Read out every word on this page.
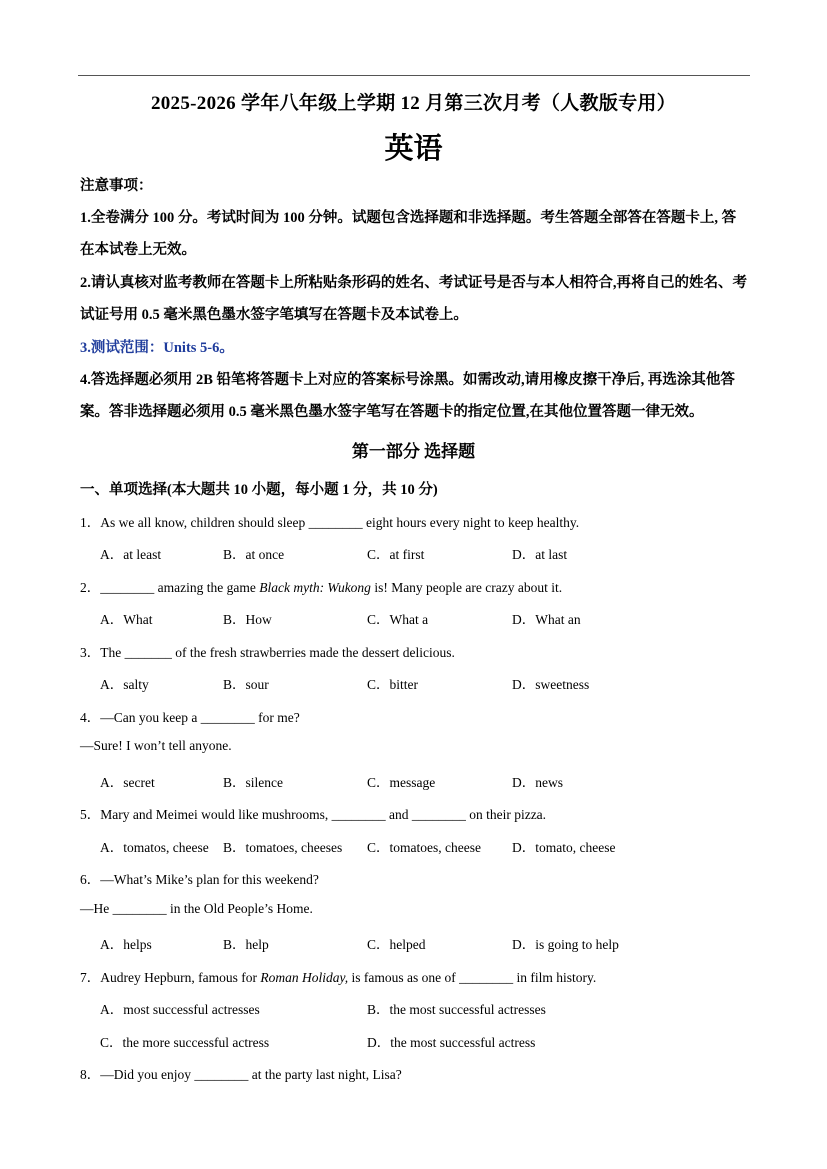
2025-2026 学年八年级上学期 12 月第三次月考（人教版专用）
英语
注意事项：
1.全卷满分 100 分。考试时间为 100 分钟。试题包含选择题和非选择题。考生答题全部答在答题卡上, 答
在本试卷上无效。
2.请认真核对监考教师在答题卡上所粘贴条形码的姓名、考试证号是否与本人相符合,再将自己的姓名、考
试证号用 0.5 毫米黑色墨水签字笔填写在答题卡及本试卷上。
3.测试范围：Units 5-6。
4.答选择题必须用 2B 铅笔将答题卡上对应的答案标号涂黑。如需改动,请用橡皮擦干净后, 再选涂其他答
案。答非选择题必须用 0.5 毫米黑色墨水签字笔写在答题卡的指定位置,在其他位置答题一律无效。
第一部分 选择题
一、单项选择(本大题共 10 小题，每小题 1 分，共 10 分)
1．As we all know, children should sleep ________ eight hours every night to keep healthy.
A．at least	B．at once	C．at first	D．at last
2．________ amazing the game Black myth: Wukong is! Many people are crazy about it.
A．What	B．How	C．What a	D．What an
3．The _______ of the fresh strawberries made the dessert delicious.
A．salty	B．sour	C．bitter	D．sweetness
4．—Can you keep a ________ for me?
—Sure! I won’t tell anyone.
A．secret	B．silence	C．message	D．news
5．Mary and Meimei would like mushrooms, ________ and ________ on their pizza.
A．tomatos, cheese B．tomatoes, cheeses C．tomatoes, cheese D．tomato, cheese
6．—What’s Mike’s plan for this weekend?
—He ________ in the Old People’s Home.
A．helps	B．help	C．helped	D．is going to help
7．Audrey Hepburn, famous for Roman Holiday, is famous as one of ________ in film history.
A．most successful actresses	B．the most successful actresses
C．the more successful actress	D．the most successful actress
8．—Did you enjoy ________ at the party last night, Lisa?
